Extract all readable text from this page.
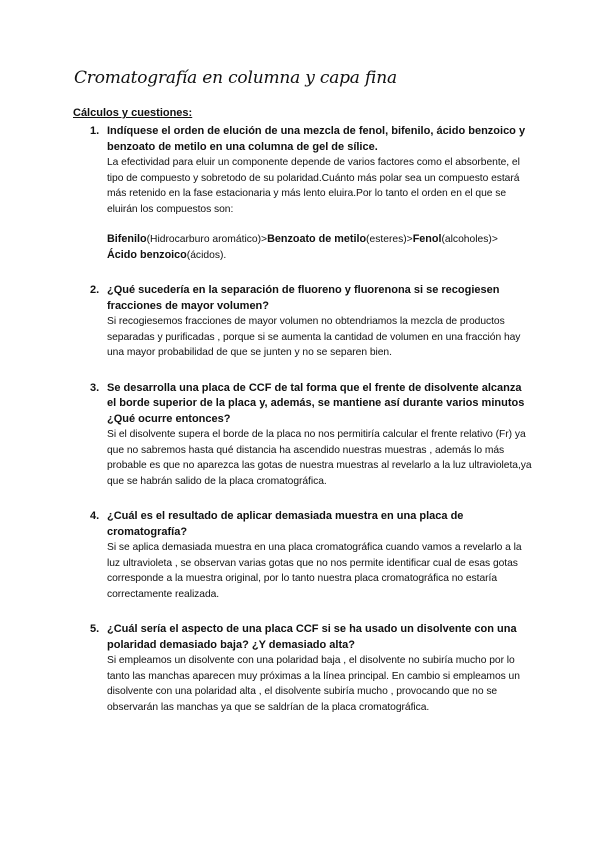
Cromatografía en columna y capa fina
Cálculos y cuestiones:
1. Indíquese el orden de elución de una mezcla de fenol, bifenilo, ácido benzoico y benzoato de metilo en una columna de gel de sílice.
La efectividad para eluir un componente depende de varios factores como el absorbente, el tipo de compuesto y sobretodo de su polaridad.Cuánto más polar sea un compuesto estará más retenido en la fase estacionaria y más lento eluira.Por lo tanto el orden en el que se eluirán los compuestos son:
Bifenilo(Hidrocarburo aromático)>Benzoato de metilo(esteres)>Fenol(alcoholes)>
Ácido benzoico(ácidos).
2. ¿Qué sucedería en la separación de fluoreno y fluorenona si se recogiesen fracciones de mayor volumen?
Si recogiesemos fracciones de mayor volumen no obtendriamos la mezcla de productos separadas y purificadas , porque si se aumenta la cantidad de volumen en una fracción hay una mayor probabilidad de que se junten y no se separen bien.
3. Se desarrolla una placa de CCF de tal forma que el frente de disolvente alcanza el borde superior de la placa y, además, se mantiene así durante varios minutos ¿Qué ocurre entonces?
Si el disolvente supera el borde de la placa no nos permitiría calcular el frente relativo (Fr) ya que no sabremos hasta qué distancia ha ascendido nuestras muestras , además lo más probable es que no aparezca las gotas de nuestra muestras al revelarlo a la luz ultravioleta,ya que se habrán salido de la placa cromatográfica.
4. ¿Cuál es el resultado de aplicar demasiada muestra en una placa de cromatografía?
Si se aplica demasiada muestra en una placa cromatográfica cuando vamos a revelarlo a la luz ultravioleta , se observan varias gotas que no nos permite identificar cual de esas gotas corresponde a la muestra original, por lo tanto nuestra placa cromatográfica no estaría correctamente realizada.
5. ¿Cuál sería el aspecto de una placa CCF si se ha usado un disolvente con una polaridad demasiado baja? ¿Y demasiado alta?
Si empleamos un disolvente con una polaridad baja , el disolvente no subiría mucho por lo tanto las manchas aparecen muy próximas a la línea principal. En cambio si empleamos un disolvente con una polaridad alta , el disolvente subiría mucho , provocando que no se observarán las manchas ya que se saldrían de la placa cromatográfica.
